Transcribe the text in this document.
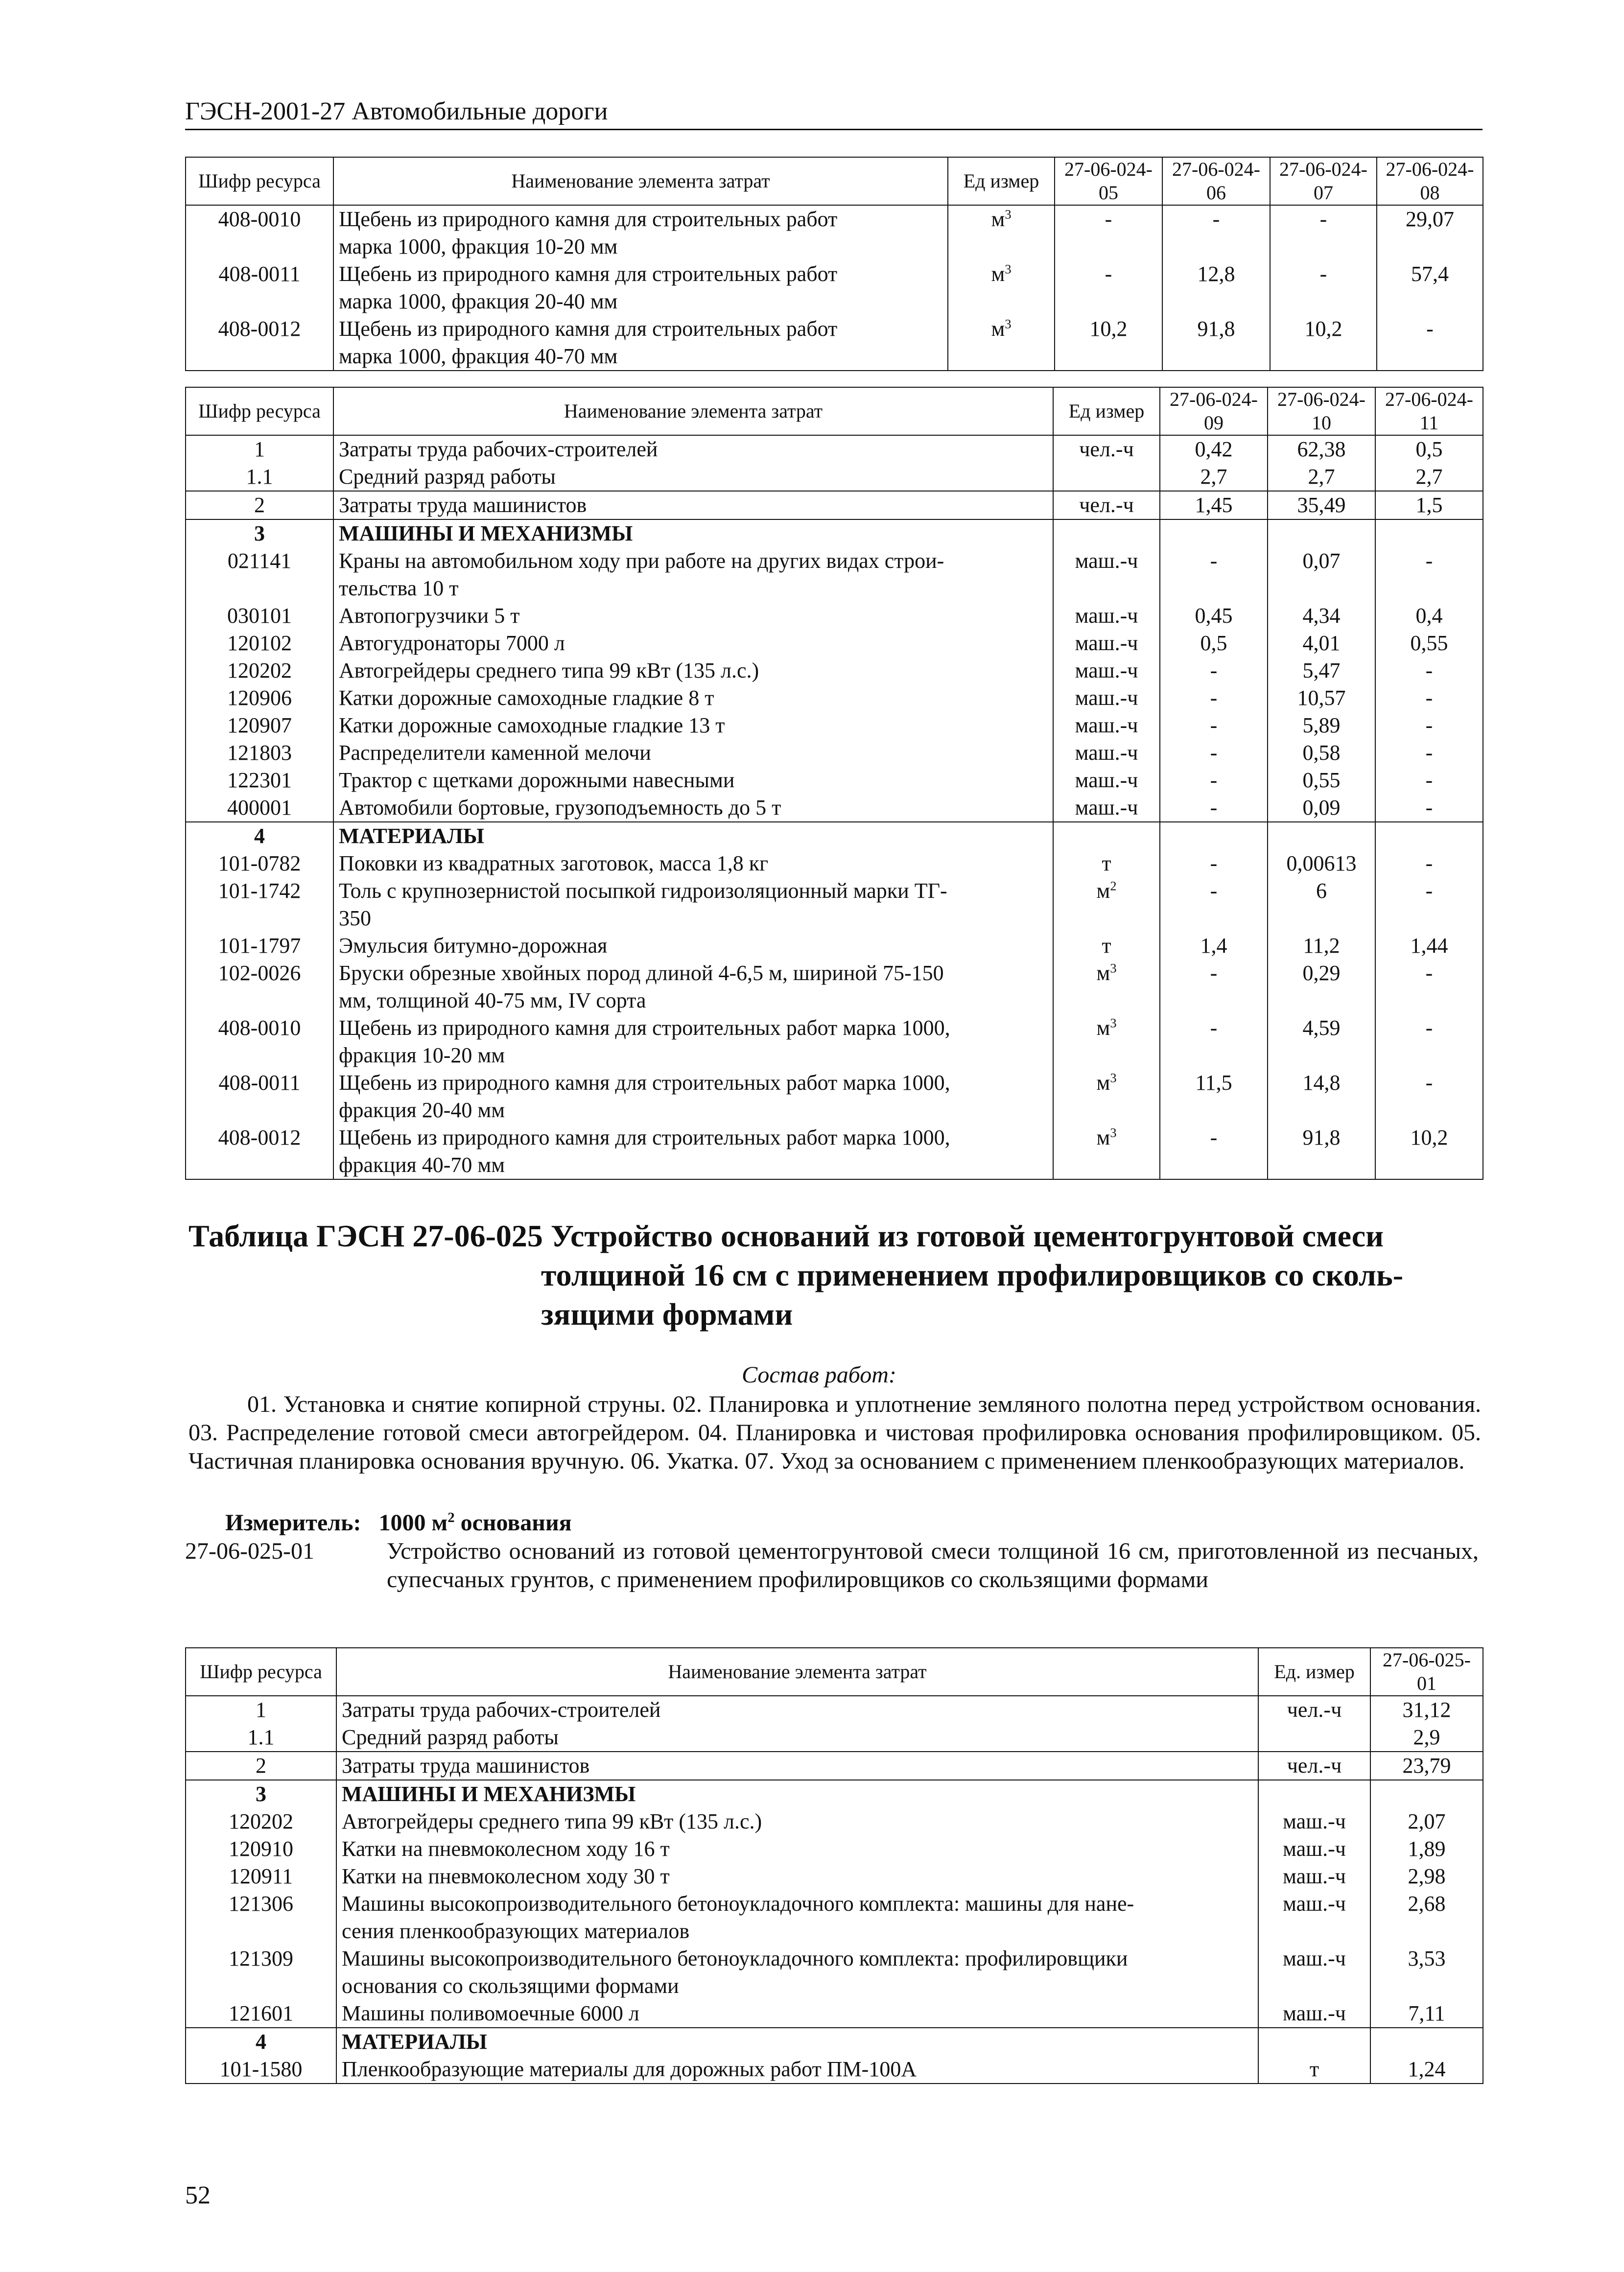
ГЭСН-2001-27 Автомобильные дороги
Шифр ресурса	Наименование элемента затрат	Ед измер	27-06-024-05	27-06-024-06	27-06-024-07	27-06-024-08
408-0010	Щебень из природного камня для строительных работ
марка 1000, фракция 10-20 мм	$м^3$	-	-	-	29,07
408-0011	Щебень из природного камня для строительных работ
марка 1000, фракция 20-40 мм	$м^3$	-	12,8	-	57,4
408-0012	Щебень из природного камня для строительных работ
марка 1000, фракция 40-70 мм	$м^3$	10,2	91,8	10,2	-
Шифр ресурса	Наименование элемента затрат	Ед измер	27-06-024-09	27-06-024-10	27-06-024-11
1	Затраты труда рабочих-строителей	чел.-ч	0,42	62,38	0,5
1.1	Средний разряд работы		2,7	2,7	2,7
2	Затраты труда машинистов	чел.-ч	1,45	35,49	1,5
3	МАШИНЫ И МЕХАНИЗМЫ				
021141	Краны на автомобильном ходу при работе на других видах строи-
тельства 10 т	маш.-ч	-	0,07	-
030101	Автопогрузчики 5 т	маш.-ч	0,45	4,34	0,4
120102	Автогудронаторы 7000 л	маш.-ч	0,5	4,01	0,55
120202	Автогрейдеры среднего типа 99 кВт (135 л.с.)	маш.-ч	-	5,47	-
120906	Катки дорожные самоходные гладкие 8 т	маш.-ч	-	10,57	-
120907	Катки дорожные самоходные гладкие 13 т	маш.-ч	-	5,89	-
121803	Распределители каменной мелочи	маш.-ч	-	0,58	-
122301	Трактор с щетками дорожными навесными	маш.-ч	-	0,55	-
400001	Автомобили бортовые, грузоподъемность до 5 т	маш.-ч	-	0,09	-
4	МАТЕРИАЛЫ				
101-0782	Поковки из квадратных заготовок, масса 1,8 кг	т	-	0,00613	-
101-1742	Толь с крупнозернистой посыпкой гидроизоляционный марки ТГ-
350	$м^2$	-	6	-
101-1797	Эмульсия битумно-дорожная	т	1,4	11,2	1,44
102-0026	Бруски обрезные хвойных пород длиной 4-6,5 м, шириной 75-150
мм, толщиной 40-75 мм, IV сорта	$м^3$	-	0,29	-
408-0010	Щебень из природного камня для строительных работ марка 1000,
фракция 10-20 мм	$м^3$	-	4,59	-
408-0011	Щебень из природного камня для строительных работ марка 1000,
фракция 20-40 мм	$м^3$	11,5	14,8	-
408-0012	Щебень из природного камня для строительных работ марка 1000,
фракция 40-70 мм	$м^3$	-	91,8	10,2
Таблица ГЭСН 27-06-025 Устройство оснований из готовой цементогрунтовой смеси
толщиной 16 см с применением профилировщиков со сколь-
зящими формами
Состав работ:
01. Установка и снятие копирной струны. 02. Планировка и уплотнение земляного полотна перед устройством основания. 03. Распределение готовой смеси автогрейдером. 04. Планировка и чистовая профилировка основания профилировщиком. 05. Частичная планировка основания вручную. 06. Укатка. 07. Уход за основанием с применением пленкообразующих материалов.
Измеритель: 1000 $м^2$ основания
27-06-025-01	Устройство оснований из готовой цементогрунтовой смеси толщиной 16 см, приготовленной из песчаных, супесчаных грунтов, с применением профилировщиков со скользящими формами
Шифр ресурса	Наименование элемента затрат	Ед. измер	27-06-025-01
1	Затраты труда рабочих-строителей	чел.-ч	31,12
1.1	Средний разряд работы		2,9
2	Затраты труда машинистов	чел.-ч	23,79
3	МАШИНЫ И МЕХАНИЗМЫ		
120202	Автогрейдеры среднего типа 99 кВт (135 л.с.)	маш.-ч	2,07
120910	Катки на пневмоколесном ходу 16 т	маш.-ч	1,89
120911	Катки на пневмоколесном ходу 30 т	маш.-ч	2,98
121306	Машины высокопроизводительного бетоноукладочного комплекта: машины для нане-
сения пленкообразующих материалов	маш.-ч	2,68
121309	Машины высокопроизводительного бетоноукладочного комплекта: профилировщики
основания со скользящими формами	маш.-ч	3,53
121601	Машины поливомоечные 6000 л	маш.-ч	7,11
4	МАТЕРИАЛЫ		
101-1580	Пленкообразующие материалы для дорожных работ ПМ-100А	т	1,24
52
